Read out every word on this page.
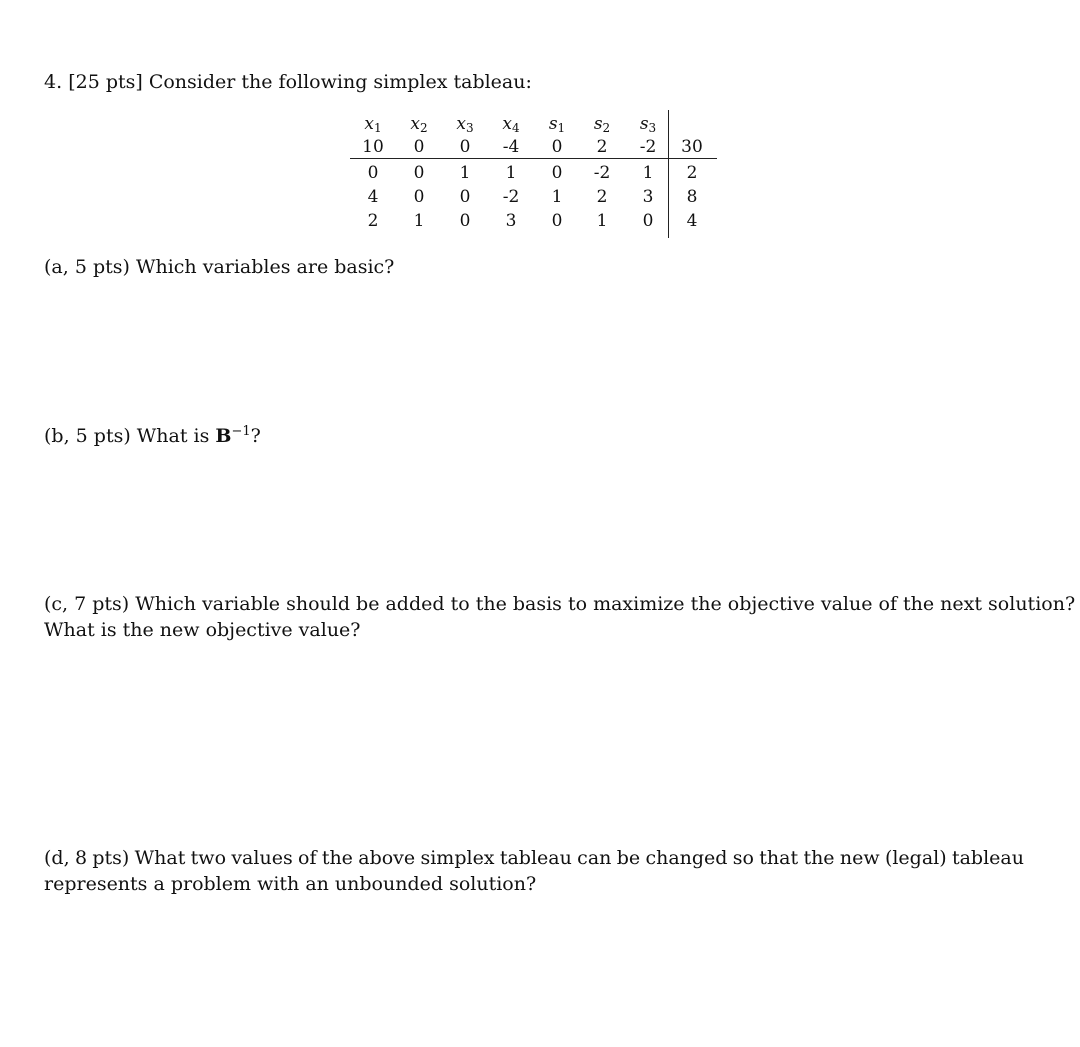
4. [25 pts] Consider the following simplex tableau:
$x_1$	$x_2$	$x_3$	$x_4$	$s_1$	$s_2$	$s_3$
10	0	0	-4	0	2	-2	30
0	0	1	1	0	-2	1	2
4	0	0	-2	1	2	3	8
2	1	0	3	0	1	0	4
(a, 5 pts) Which variables are basic?
(b, 5 pts) What is $B^{-1}$?
(c, 7 pts) Which variable should be added to the basis to maximize the objective value of the next solution?
What is the new objective value?
(d, 8 pts) What two values of the above simplex tableau can be changed so that the new (legal) tableau
represents a problem with an unbounded solution?
